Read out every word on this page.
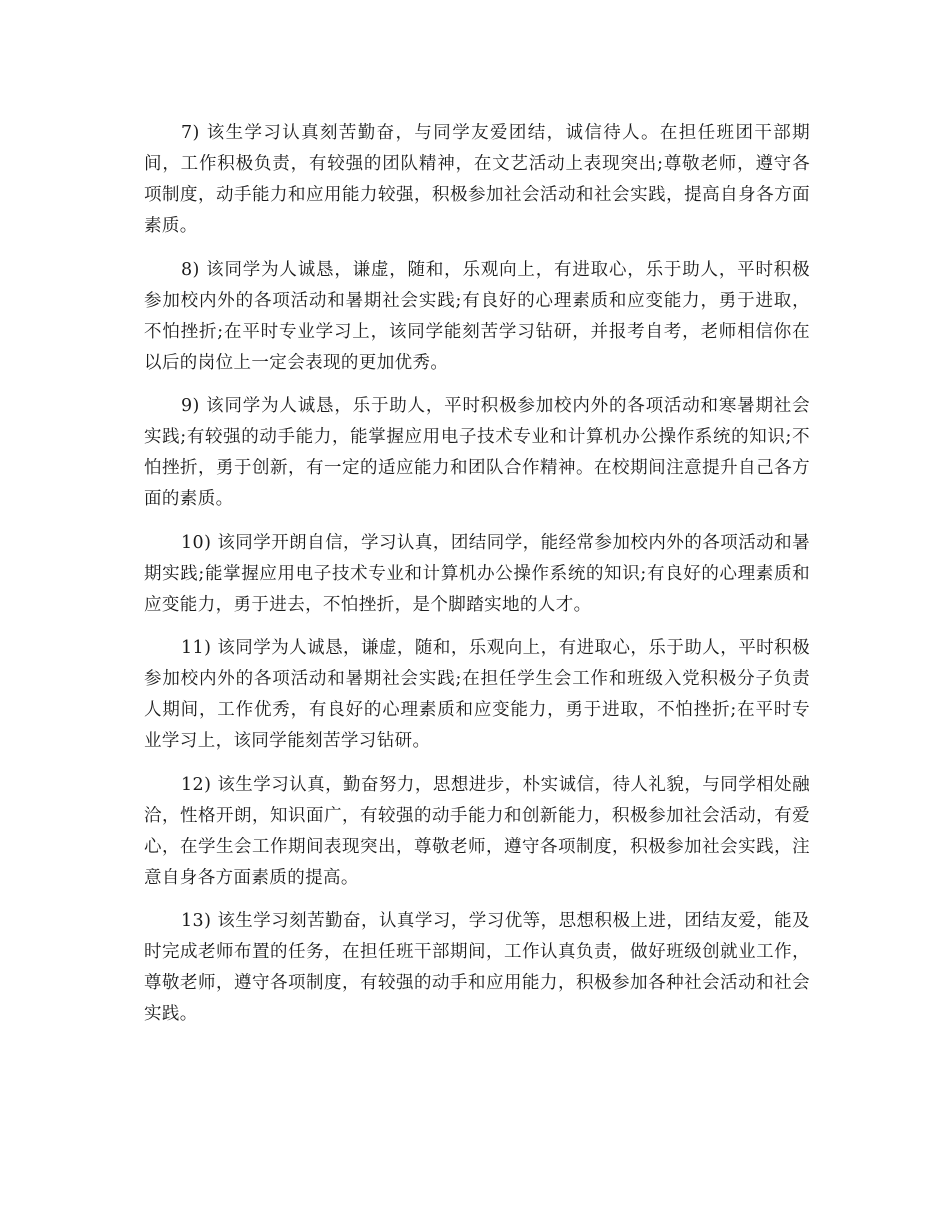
7) 该生学习认真刻苦勤奋，与同学友爱团结，诚信待人。在担任班团干部期间，工作积极负责，有较强的团队精神，在文艺活动上表现突出;尊敬老师，遵守各项制度，动手能力和应用能力较强，积极参加社会活动和社会实践，提高自身各方面素质。

8) 该同学为人诚恳，谦虚，随和，乐观向上，有进取心，乐于助人，平时积极参加校内外的各项活动和暑期社会实践;有良好的心理素质和应变能力，勇于进取，不怕挫折;在平时专业学习上，该同学能刻苦学习钻研，并报考自考，老师相信你在以后的岗位上一定会表现的更加优秀。

9) 该同学为人诚恳，乐于助人，平时积极参加校内外的各项活动和寒暑期社会实践;有较强的动手能力，能掌握应用电子技术专业和计算机办公操作系统的知识;不怕挫折，勇于创新，有一定的适应能力和团队合作精神。在校期间注意提升自己各方面的素质。

10) 该同学开朗自信，学习认真，团结同学，能经常参加校内外的各项活动和暑期实践;能掌握应用电子技术专业和计算机办公操作系统的知识;有良好的心理素质和应变能力，勇于进去，不怕挫折，是个脚踏实地的人才。

11) 该同学为人诚恳，谦虚，随和，乐观向上，有进取心，乐于助人，平时积极参加校内外的各项活动和暑期社会实践;在担任学生会工作和班级入党积极分子负责人期间，工作优秀，有良好的心理素质和应变能力，勇于进取，不怕挫折;在平时专业学习上，该同学能刻苦学习钻研。

12) 该生学习认真，勤奋努力，思想进步，朴实诚信，待人礼貌，与同学相处融洽，性格开朗，知识面广，有较强的动手能力和创新能力，积极参加社会活动，有爱心，在学生会工作期间表现突出，尊敬老师，遵守各项制度，积极参加社会实践，注意自身各方面素质的提高。

13) 该生学习刻苦勤奋，认真学习，学习优等，思想积极上进，团结友爱，能及时完成老师布置的任务，在担任班干部期间，工作认真负责，做好班级创就业工作，尊敬老师，遵守各项制度，有较强的动手和应用能力，积极参加各种社会活动和社会实践。
